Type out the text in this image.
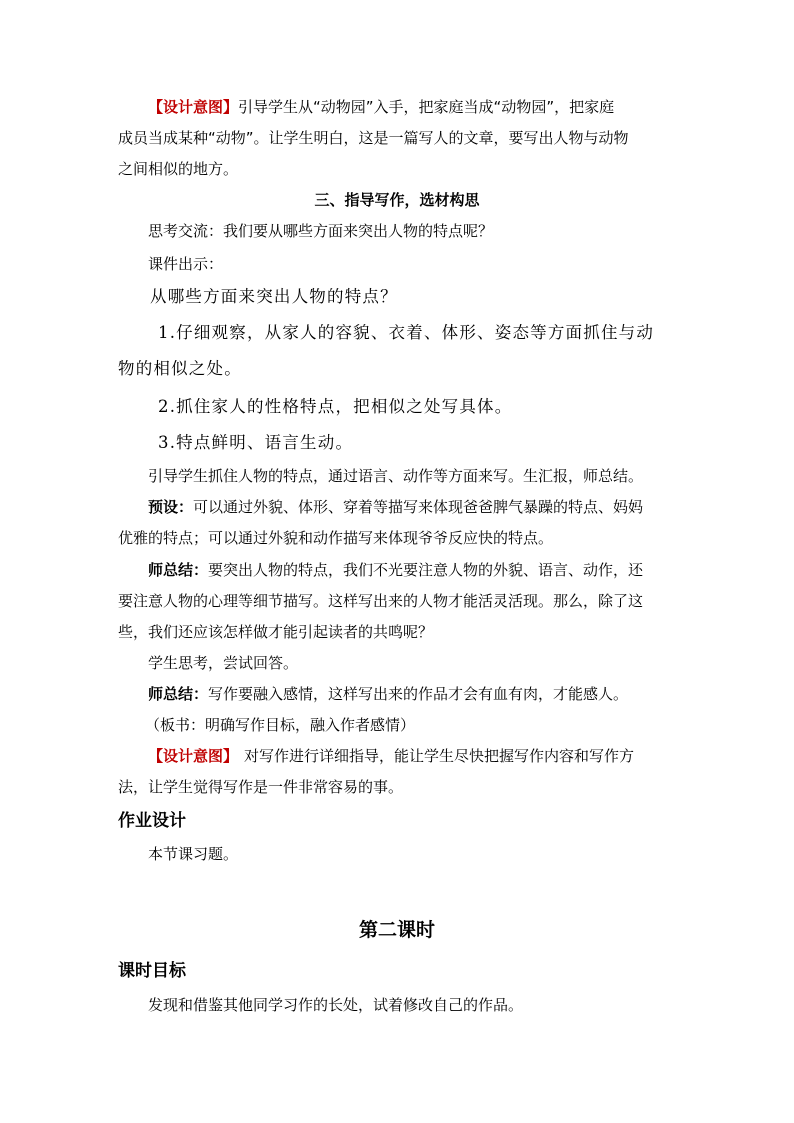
【设计意图】引导学生从“动物园”入手，把家庭当成“动物园”，把家庭
成员当成某种“动物”。让学生明白，这是一篇写人的文章，要写出人物与动物
之间相似的地方。
三、指导写作，选材构思
思考交流：我们要从哪些方面来突出人物的特点呢？
课件出示：
从哪些方面来突出人物的特点？
1.仔细观察，从家人的容貌、衣着、体形、姿态等方面抓住与动
物的相似之处。
2.抓住家人的性格特点，把相似之处写具体。
3.特点鲜明、语言生动。
引导学生抓住人物的特点，通过语言、动作等方面来写。生汇报，师总结。
预设：可以通过外貌、体形、穿着等描写来体现爸爸脾气暴躁的特点、妈妈
优雅的特点；可以通过外貌和动作描写来体现爷爷反应快的特点。
师总结：要突出人物的特点，我们不光要注意人物的外貌、语言、动作，还
要注意人物的心理等细节描写。这样写出来的人物才能活灵活现。那么，除了这
些，我们还应该怎样做才能引起读者的共鸣呢？
学生思考，尝试回答。
师总结：写作要融入感情，这样写出来的作品才会有血有肉，才能感人。
（板书：明确写作目标，融入作者感情）
【设计意图】 对写作进行详细指导，能让学生尽快把握写作内容和写作方
法，让学生觉得写作是一件非常容易的事。
作业设计
本节课习题。
第二课时
课时目标
发现和借鉴其他同学习作的长处，试着修改自己的作品。
